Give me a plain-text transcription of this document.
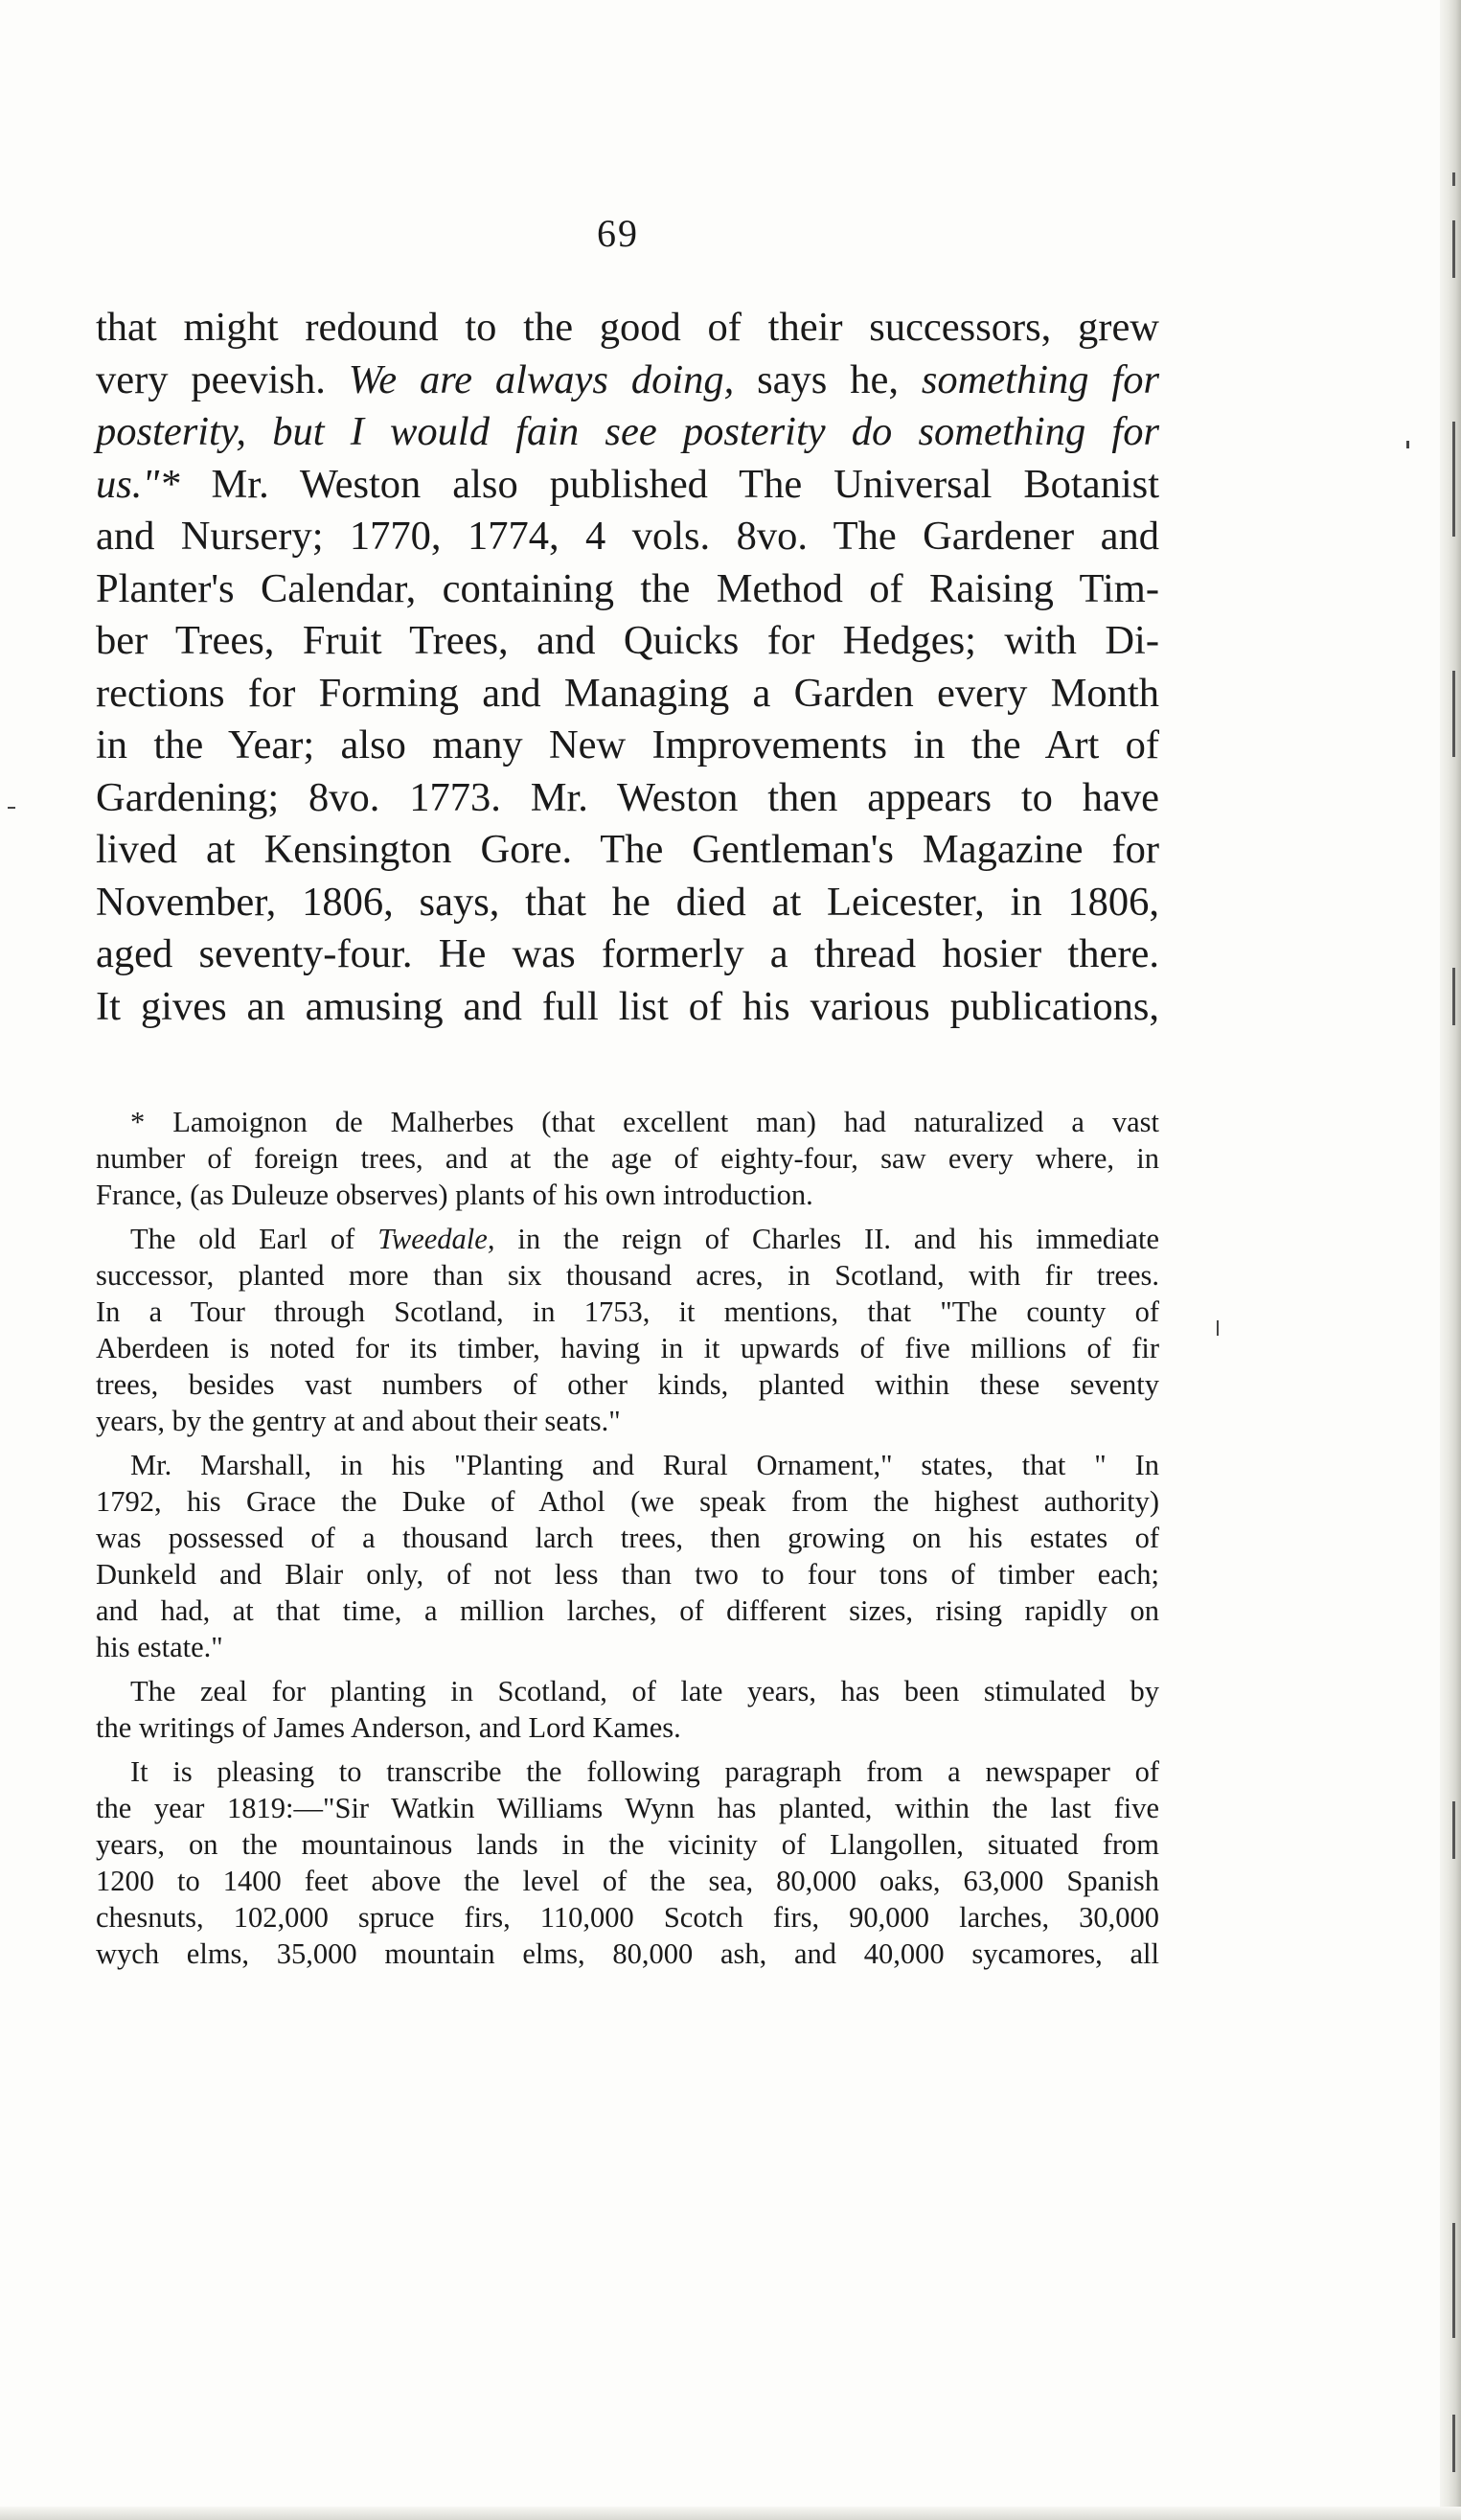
69
that might redound to the good of their successors, grew
very peevish. We are always doing, says he, something for
posterity, but I would fain see posterity do something for
us."* Mr. Weston also published The Universal Botanist
and Nursery; 1770, 1774, 4 vols. 8vo. The Gardener and
Planter's Calendar, containing the Method of Raising Tim-
ber Trees, Fruit Trees, and Quicks for Hedges; with Di-
rections for Forming and Managing a Garden every Month
in the Year; also many New Improvements in the Art of
Gardening; 8vo. 1773. Mr. Weston then appears to have
lived at Kensington Gore. The Gentleman's Magazine for
November, 1806, says, that he died at Leicester, in 1806,
aged seventy-four. He was formerly a thread hosier there.
It gives an amusing and full list of his various publications,
* Lamoignon de Malherbes (that excellent man) had naturalized a vast
number of foreign trees, and at the age of eighty-four, saw every where, in
France, (as Duleuze observes) plants of his own introduction.
The old Earl of Tweedale, in the reign of Charles II. and his immediate
successor, planted more than six thousand acres, in Scotland, with fir trees.
In a Tour through Scotland, in 1753, it mentions, that "The county of
Aberdeen is noted for its timber, having in it upwards of five millions of fir
trees, besides vast numbers of other kinds, planted within these seventy
years, by the gentry at and about their seats."
Mr. Marshall, in his "Planting and Rural Ornament," states, that " In
1792, his Grace the Duke of Athol (we speak from the highest authority)
was possessed of a thousand larch trees, then growing on his estates of
Dunkeld and Blair only, of not less than two to four tons of timber each;
and had, at that time, a million larches, of different sizes, rising rapidly on
his estate."
The zeal for planting in Scotland, of late years, has been stimulated by
the writings of James Anderson, and Lord Kames.
It is pleasing to transcribe the following paragraph from a newspaper of
the year 1819:—"Sir Watkin Williams Wynn has planted, within the last five
years, on the mountainous lands in the vicinity of Llangollen, situated from
1200 to 1400 feet above the level of the sea, 80,000 oaks, 63,000 Spanish
chesnuts, 102,000 spruce firs, 110,000 Scotch firs, 90,000 larches, 30,000
wych elms, 35,000 mountain elms, 80,000 ash, and 40,000 sycamores, all
